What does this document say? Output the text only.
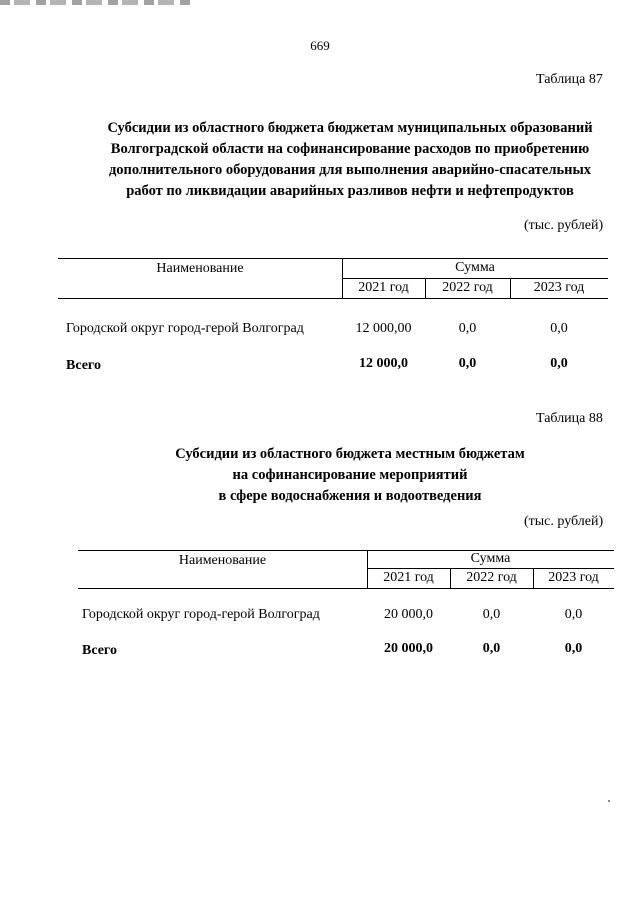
669
Таблица 87
Субсидии из областного бюджета бюджетам муниципальных образований
Волгоградской области на софинансирование расходов по приобретению
дополнительного оборудования для выполнения аварийно-спасательных
работ по ликвидации аварийных разливов нефти и нефтепродуктов
(тыс. рублей)
Наименование	Сумма
2021 год	2022 год	2023 год
Городской округ город-герой Волгоград	12 000,00	0,0	0,0
Всего	12 000,0	0,0	0,0
Таблица 88
Субсидии из областного бюджета местным бюджетам
на софинансирование мероприятий
в сфере водоснабжения и водоотведения
(тыс. рублей)
Наименование	Сумма
2021 год	2022 год	2023 год
Городской округ город-герой Волгоград	20 000,0	0,0	0,0
Всего	20 000,0	0,0	0,0
